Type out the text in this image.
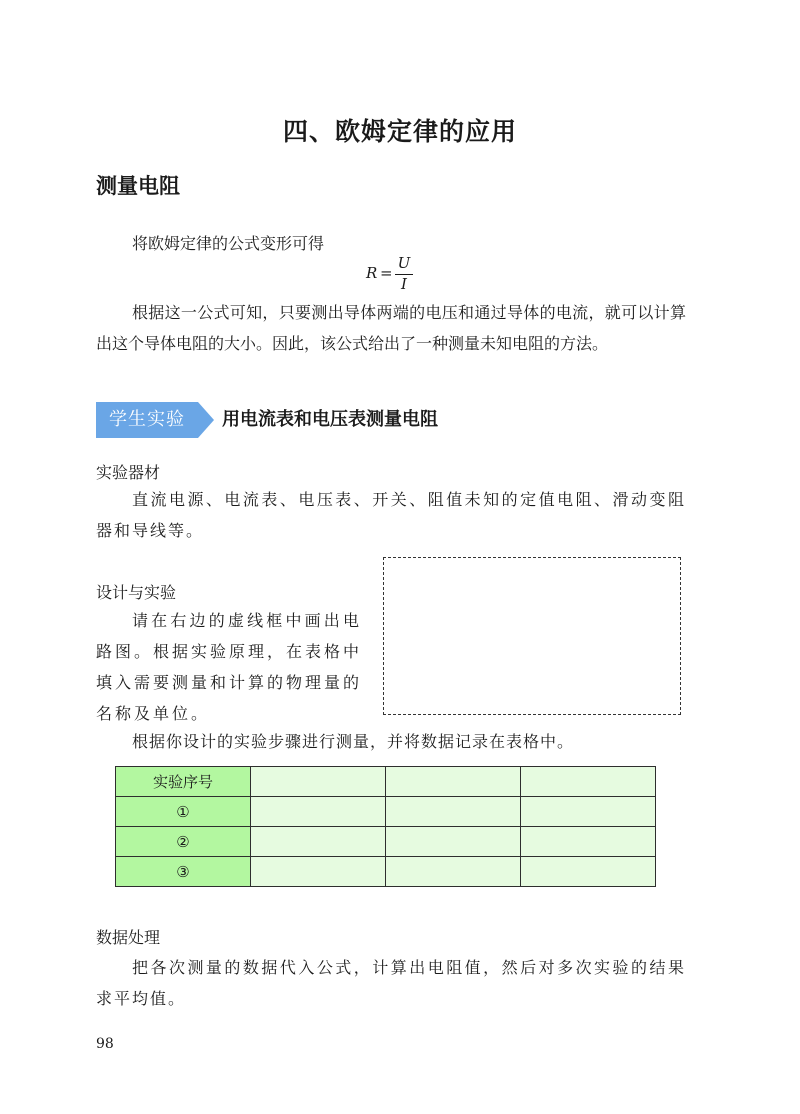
四、欧姆定律的应用
测量电阻
将欧姆定律的公式变形可得
R =
U
I
根据这一公式可知，只要测出导体两端的电压和通过导体的电流，就可以计算出这个导体电阻的大小。因此，该公式给出了一种测量未知电阻的方法。
学生实验	用电流表和电压表测量电阻
实验器材
直流电源、电流表、电压表、开关、阻值未知的定值电阻、滑动变阻器和导线等。
设计与实验
请在右边的虚线框中画出电路图。根据实验原理，在表格中填入需要测量和计算的物理量的名称及单位。
根据你设计的实验步骤进行测量，并将数据记录在表格中。
实验序号			
①			
②			
③			
数据处理
把各次测量的数据代入公式，计算出电阻值，然后对多次实验的结果求平均值。
98
